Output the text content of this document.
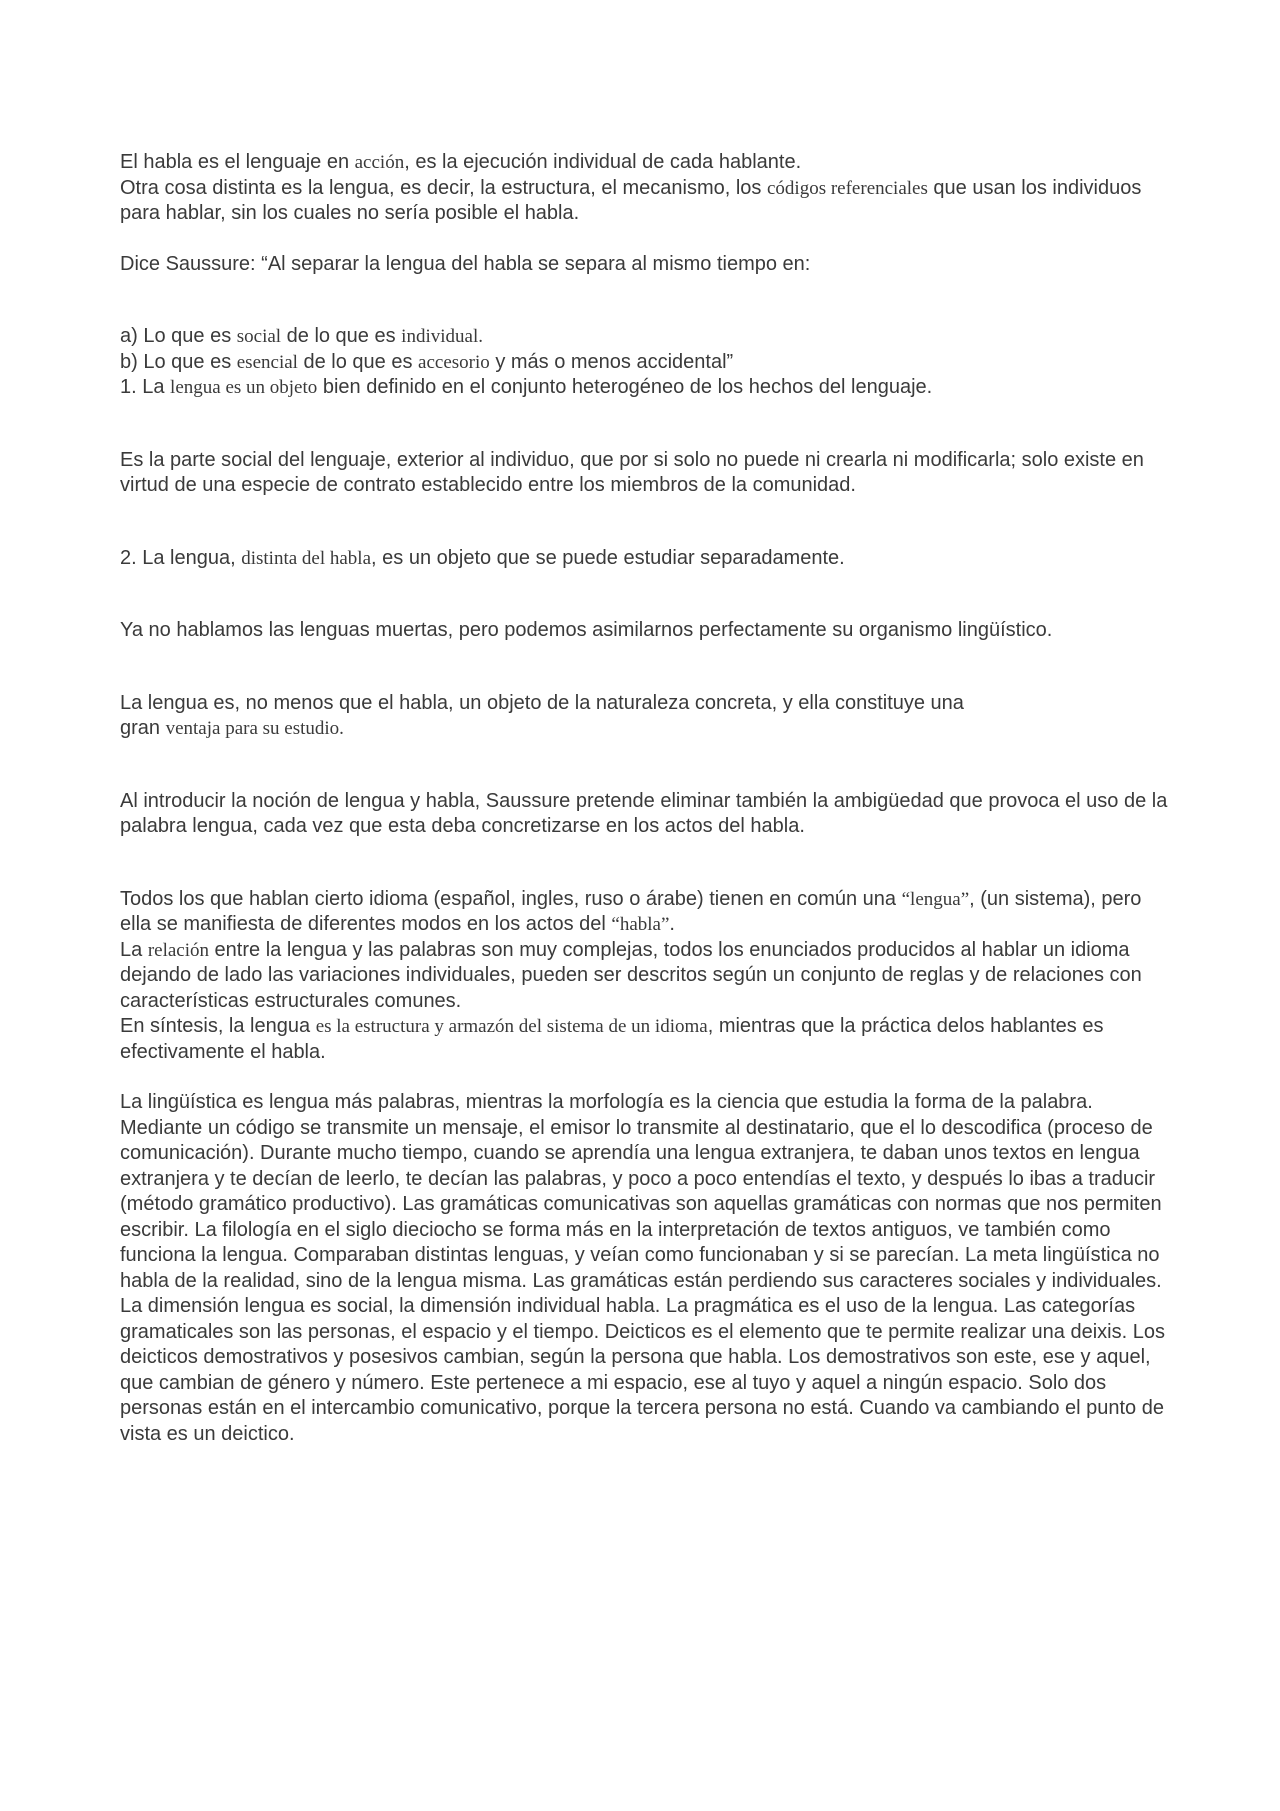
El habla es el lenguaje en acción, es la ejecución individual de cada hablante.

Otra cosa distinta es la lengua, es decir, la estructura, el mecanismo, los códigos referenciales que usan los individuos para hablar, sin los cuales no sería posible el habla.

Dice Saussure: “Al separar la lengua del habla se separa al mismo tiempo en:

a) Lo que es social de lo que es individual.

b) Lo que es esencial de lo que es accesorio y más o menos accidental”

1. La lengua es un objeto bien definido en el conjunto heterogéneo de los hechos del lenguaje.

Es la parte social del lenguaje, exterior al individuo, que por si solo no puede ni crearla ni modificarla; solo existe en virtud de una especie de contrato establecido entre los miembros de la comunidad.

2. La lengua, distinta del habla, es un objeto que se puede estudiar separadamente.

Ya no hablamos las lenguas muertas, pero podemos asimilarnos perfectamente su organismo lingüístico.

La lengua es, no menos que el habla, un objeto de la naturaleza concreta, y ella constituye una
gran ventaja para su estudio.

Al introducir la noción de lengua y habla, Saussure pretende eliminar también la ambigüedad que provoca el uso de la palabra lengua, cada vez que esta deba concretizarse en los actos del habla.

Todos los que hablan cierto idioma (español, ingles, ruso o árabe) tienen en común una “lengua”, (un sistema), pero ella se manifiesta de diferentes modos en los actos del “habla”.

La relación entre la lengua y las palabras son muy complejas, todos los enunciados producidos al hablar un idioma dejando de lado las variaciones individuales, pueden ser descritos según un conjunto de reglas y de relaciones con características estructurales comunes.

En síntesis, la lengua es la estructura y armazón del sistema de un idioma, mientras que la práctica delos hablantes es efectivamente el habla.

La lingüística es lengua más palabras, mientras la morfología es la ciencia que estudia la forma de la palabra. Mediante un código se transmite un mensaje, el emisor lo transmite al destinatario, que el lo descodifica (proceso de comunicación). Durante mucho tiempo, cuando se aprendía una lengua extranjera, te daban unos textos en lengua extranjera y te decían de leerlo, te decían las palabras, y poco a poco entendías el texto, y después lo ibas a traducir (método gramático productivo). Las gramáticas comunicativas son aquellas gramáticas con normas que nos permiten escribir. La filología en el siglo dieciocho se forma más en la interpretación de textos antiguos, ve también como funciona la lengua. Comparaban distintas lenguas, y veían como funcionaban y si se parecían. La meta lingüística no habla de la realidad, sino de la lengua misma. Las gramáticas están perdiendo sus caracteres sociales y individuales. La dimensión lengua es social, la dimensión individual habla. La pragmática es el uso de la lengua. Las categorías gramaticales son las personas, el espacio y el tiempo. Deicticos es el elemento que te permite realizar una deixis. Los deicticos demostrativos y posesivos cambian, según la persona que habla. Los demostrativos son este, ese y aquel, que cambian de género y número. Este pertenece a mi espacio, ese al tuyo y aquel a ningún espacio. Solo dos personas están en el intercambio comunicativo, porque la tercera persona no está. Cuando va cambiando el punto de vista es un deictico.
